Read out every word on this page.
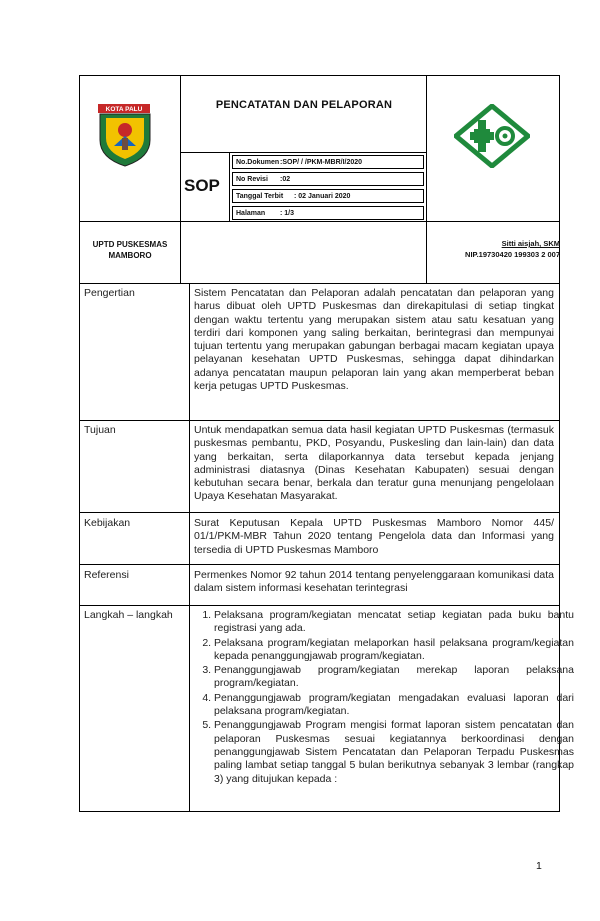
KOTA PALU	PENCATATAN DAN PELAPORAN
SOP
No.Dokumen:SOP/ / /PKM-MBR/I/2020
No Revisi :02
Tanggal Terbit : 02 Januari 2020
Halaman : 1/3
UPTD PUSKESMAS MAMBORO
Sitti aisjah, SKM
NIP.19730420 199303 2 007
Pengertian	Sistem Pencatatan dan Pelaporan adalah pencatatan dan pelaporan yang harus dibuat oleh UPTD Puskesmas dan direkapitulasi di setiap tingkat dengan waktu tertentu yang merupakan sistem atau satu kesatuan yang terdiri dari komponen yang saling berkaitan, berintegrasi dan mempunyai tujuan tertentu yang merupakan gabungan berbagai macam kegiatan upaya pelayanan kesehatan UPTD Puskesmas, sehingga dapat dihindarkan adanya pencatatan maupun pelaporan lain yang akan memperberat beban kerja petugas UPTD Puskesmas.
Tujuan	Untuk mendapatkan semua data hasil kegiatan UPTD Puskesmas (termasuk puskesmas pembantu, PKD, Posyandu, Puskesling dan lain-lain) dan data yang berkaitan, serta dilaporkannya data tersebut kepada jenjang administrasi diatasnya (Dinas Kesehatan Kabupaten) sesuai dengan kebutuhan secara benar, berkala dan teratur guna menunjang pengelolaan Upaya Kesehatan Masyarakat.
Kebijakan	Surat Keputusan Kepala UPTD Puskesmas Mamboro Nomor 445/ 01/1/PKM-MBR Tahun 2020 tentang Pengelola data dan Informasi yang tersedia di UPTD Puskesmas Mamboro
Referensi	Permenkes Nomor 92 tahun 2014 tentang penyelenggaraan komunikasi data dalam sistem informasi kesehatan terintegrasi
Langkah – langkah
1.	Pelaksana program/kegiatan mencatat setiap kegiatan pada buku bantu registrasi yang ada.
2. Pelaksana program/kegiatan melaporkan hasil pelaksana program/kegiatan kepada penanggungjawab program/kegiatan.
3. Penanggungjawab program/kegiatan merekap laporan pelaksana program/kegiatan.
4. Penanggungjawab program/kegiatan mengadakan evaluasi laporan dari pelaksana program/kegiatan.
5. Penanggungjawab Program mengisi format laporan sistem pencatatan dan pelaporan Puskesmas sesuai kegiatannya berkoordinasi dengan penanggungjawab Sistem Pencatatan dan Pelaporan Terpadu Puskesmas paling lambat setiap tanggal 5 bulan berikutnya sebanyak 3 lembar (rangkap 3) yang ditujukan kepada :
1
